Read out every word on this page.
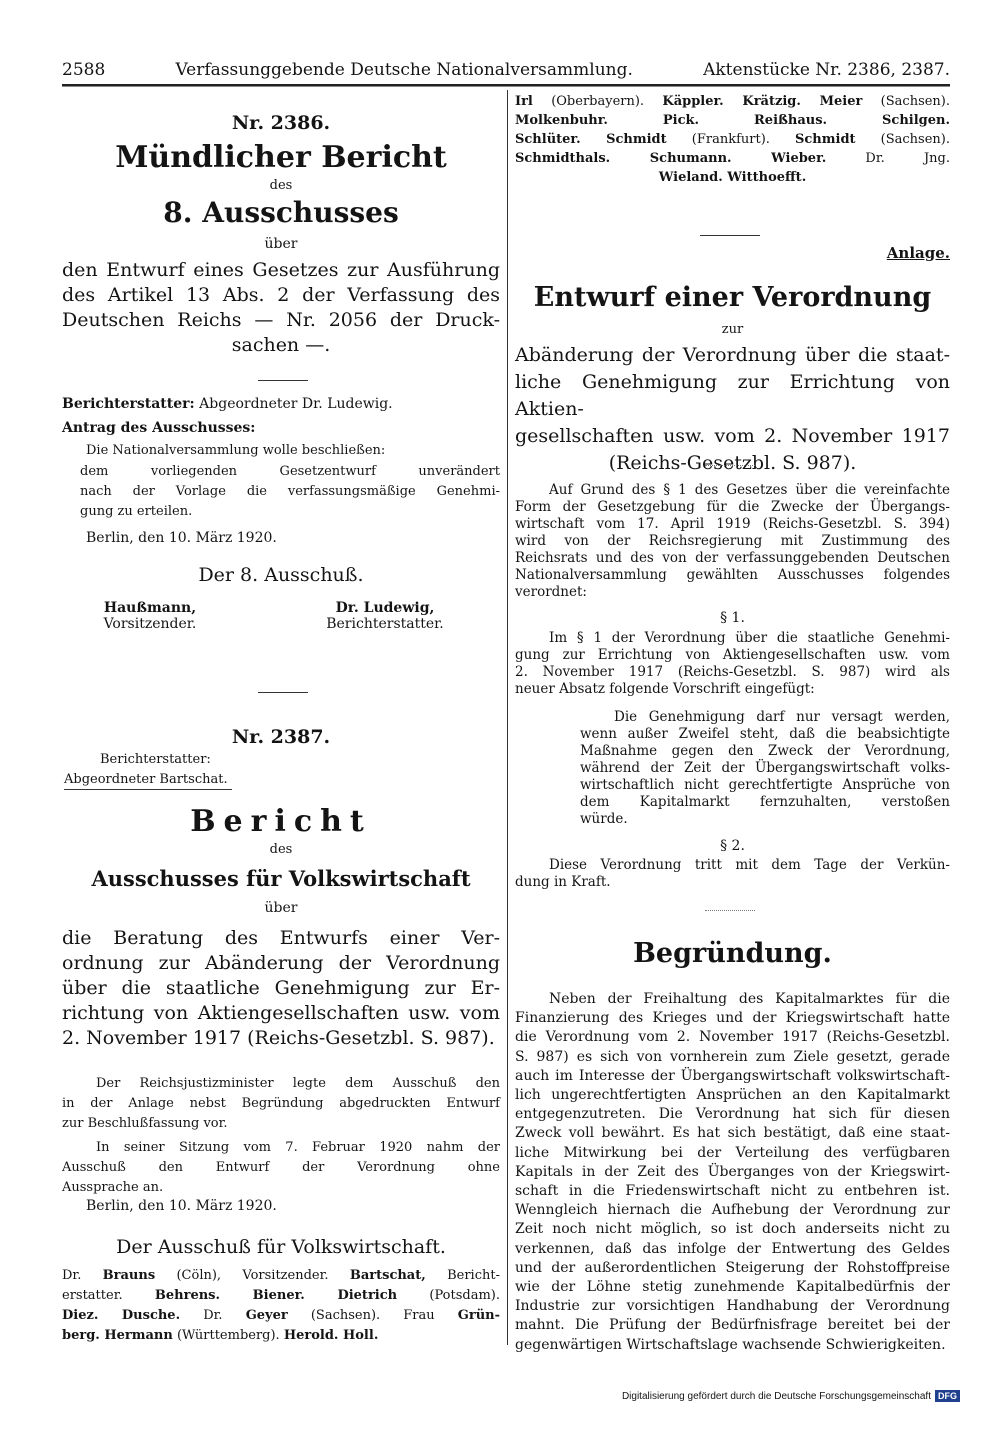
2588	Verfassunggebende Deutsche Nationalversammlung.	Aktenstücke Nr. 2386, 2387.
Nr. 2386.
Mündlicher Bericht
des
8. Ausschusses
über
den Entwurf eines Gesetzes zur Ausführung
des Artikel 13 Abs. 2 der Verfassung des
Deutschen Reichs — Nr. 2056 der Druck-
sachen —.
Berichterstatter: Abgeordneter Dr. Ludewig.
Antrag des Ausschusses:
Die Nationalversammlung wolle beschließen:
dem vorliegenden Gesetzentwurf unverändert
nach der Vorlage die verfassungsmäßige Genehmi-
gung zu erteilen.
Berlin, den 10. März 1920.
Der 8. Ausschuß.
Haußmann,
Vorsitzender.
Dr. Ludewig,
Berichterstatter.
Nr. 2387.
Berichterstatter:
Abgeordneter Bartschat.
Bericht
des
Ausschusses für Volkswirtschaft
über
die Beratung des Entwurfs einer Ver-
ordnung zur Abänderung der Verordnung
über die staatliche Genehmigung zur Er-
richtung von Aktiengesellschaften usw. vom
2. November 1917 (Reichs-Gesetzbl. S. 987).
Der Reichsjustizminister legte dem Ausschuß den
in der Anlage nebst Begründung abgedruckten Entwurf
zur Beschlußfassung vor.
In seiner Sitzung vom 7. Februar 1920 nahm der
Ausschuß den Entwurf der Verordnung ohne
Aussprache an.
Berlin, den 10. März 1920.
Der Ausschuß für Volkswirtschaft.
Dr. Brauns (Cöln), Vorsitzender. Bartschat, Bericht-
erstatter. Behrens. Biener. Dietrich (Potsdam).
Diez. Dusche. Dr. Geyer (Sachsen). Frau Grün-
berg. Hermann (Württemberg). Herold. Holl.
Irl (Oberbayern). Käppler. Krätzig. Meier (Sachsen).
Molkenbuhr.  Pick.  Reißhaus.  Schilgen.
Schlüter. Schmidt (Frankfurt). Schmidt (Sachsen).
Schmidthals. Schumann. Wieber. Dr. Jng.
Wieland. Witthoefft.
Anlage.
Entwurf einer Verordnung
zur
Abänderung der Verordnung über die staat-
liche Genehmigung zur Errichtung von Aktien-
gesellschaften usw. vom 2. November 1917
(Reichs-Gesetzbl. S. 987).
Auf Grund des § 1 des Gesetzes über die vereinfachte
Form der Gesetzgebung für die Zwecke der Übergangs-
wirtschaft vom 17. April 1919 (Reichs-Gesetzbl. S. 394)
wird von der Reichsregierung mit Zustimmung des
Reichsrats und des von der verfassunggebenden Deutschen
Nationalversammlung gewählten Ausschusses folgendes
verordnet:
§ 1.
Im § 1 der Verordnung über die staatliche Genehmi-
gung zur Errichtung von Aktiengesellschaften usw. vom
2. November 1917 (Reichs-Gesetzbl. S. 987) wird als
neuer Absatz folgende Vorschrift eingefügt:
Die Genehmigung darf nur versagt werden,
wenn außer Zweifel steht, daß die beabsichtigte
Maßnahme gegen den Zweck der Verordnung,
während der Zeit der Übergangswirtschaft volks-
wirtschaftlich nicht gerechtfertigte Ansprüche von
dem Kapitalmarkt fernzuhalten, verstoßen
würde.
§ 2.
Diese Verordnung tritt mit dem Tage der Verkün-
dung in Kraft.
Begründung.
Neben der Freihaltung des Kapitalmarktes für die
Finanzierung des Krieges und der Kriegswirtschaft hatte
die Verordnung vom 2. November 1917 (Reichs-Gesetzbl.
S. 987) es sich von vornherein zum Ziele gesetzt, gerade
auch im Interesse der Übergangswirtschaft volkswirtschaft-
lich ungerechtfertigten Ansprüchen an den Kapitalmarkt
entgegenzutreten. Die Verordnung hat sich für diesen
Zweck voll bewährt. Es hat sich bestätigt, daß eine staat-
liche Mitwirkung bei der Verteilung des verfügbaren
Kapitals in der Zeit des Überganges von der Kriegswirt-
schaft in die Friedenswirtschaft nicht zu entbehren ist.
Wenngleich hiernach die Aufhebung der Verordnung zur
Zeit noch nicht möglich, so ist doch anderseits nicht zu
verkennen, daß das infolge der Entwertung des Geldes
und der außerordentlichen Steigerung der Rohstoffpreise
wie der Löhne stetig zunehmende Kapitalbedürfnis der
Industrie zur vorsichtigen Handhabung der Verordnung
mahnt. Die Prüfung der Bedürfnisfrage bereitet bei der
gegenwärtigen Wirtschaftslage wachsende Schwierigkeiten.
Digitalisierung gefördert durch die Deutsche Forschungsgemeinschaft DFG
